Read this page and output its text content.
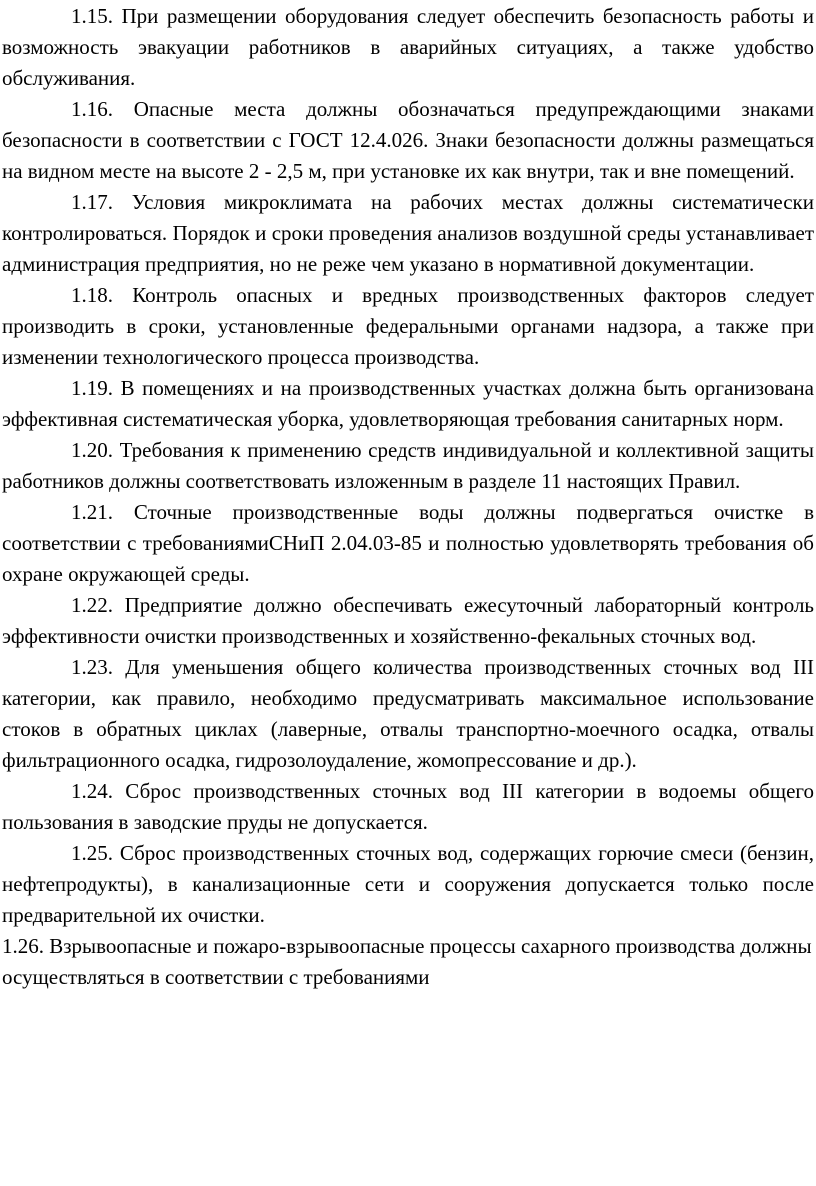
1.15. При размещении оборудования следует обеспечить безопасность работы и возможность эвакуации работников в аварийных ситуациях, а также удобство обслуживания.

1.16. Опасные места должны обозначаться предупреждающими знаками безопасности в соответствии с ГОСТ 12.4.026. Знаки безопасности должны размещаться на видном месте на высоте 2 - 2,5 м, при установке их как внутри, так и вне помещений.

1.17. Условия микроклимата на рабочих местах должны систематически контролироваться. Порядок и сроки проведения анализов воздушной среды устанавливает администрация предприятия, но не реже чем указано в нормативной документации.

1.18. Контроль опасных и вредных производственных факторов следует производить в сроки, установленные федеральными органами надзора, а также при изменении технологического процесса производства.

1.19. В помещениях и на производственных участках должна быть организована эффективная систематическая уборка, удовлетворяющая требования санитарных норм.

1.20. Требования к применению средств индивидуальной и коллективной защиты работников должны соответствовать изложенным в разделе 11 настоящих Правил.

1.21. Сточные производственные воды должны подвергаться очистке в соответствии с требованиямиСНиП 2.04.03-85 и полностью удовлетворять требования об охране окружающей среды.

1.22. Предприятие должно обеспечивать ежесуточный лабораторный контроль эффективности очистки производственных и хозяйственно-фекальных сточных вод.

1.23. Для уменьшения общего количества производственных сточных вод III категории, как правило, необходимо предусматривать максимальное использование стоков в обратных циклах (лаверные, отвалы транспортно-моечного осадка, отвалы фильтрационного осадка, гидрозолоудаление, жомопрессование и др.).

1.24. Сброс производственных сточных вод III категории в водоемы общего пользования в заводские пруды не допускается.

1.25. Сброс производственных сточных вод, содержащих горючие смеси (бензин, нефтепродукты), в канализационные сети и сооружения допускается только после предварительной их очистки.

1.26. Взрывоопасные и пожаро-взрывоопасные процессы сахарного производства должны осуществляться в соответствии с требованиями
